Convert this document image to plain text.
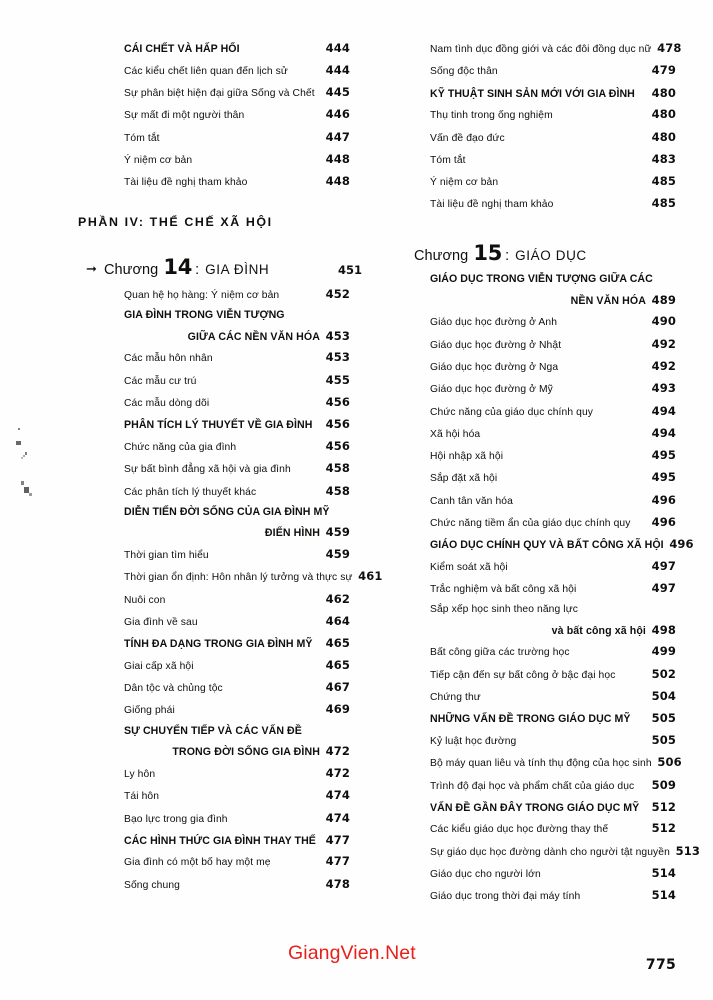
CÁI CHẾT VÀ HẤP HỐI	444
Các kiểu chết liên quan đến lịch sử	444
Sự phân biệt hiện đại giữa Sống và Chết 445
Sự mất đi một người thân	446
Tóm tắt	447
Ý niệm cơ bản	448
Tài liệu đề nghị tham khảo	448
PHẦN IV: THỂ CHẾ XÃ HỘI
➞ Chương 14 : GIA ĐÌNH	451
Quan hệ họ hàng: Ý niệm cơ bản	452
GIA ĐÌNH TRONG VIỄN TƯỢNG
GIỮA CÁC NỀN VĂN HÓA 453
Các mẫu hôn nhân	453
Các mẫu cư trú	455
Các mẫu dòng dõi	456
PHÂN TÍCH LÝ THUYẾT VỀ GIA ĐÌNH	456
Chức năng của gia đình	456
Sự bất bình đẳng xã hội và gia đình	458
Các phân tích lý thuyết khác	458
DIỄN TIẾN ĐỜI SỐNG CỦA GIA ĐÌNH MỸ
ĐIỂN HÌNH 459
Thời gian tìm hiểu	459
Thời gian ổn định: Hôn nhân lý tưởng và thực sự 461
Nuôi con	462
Gia đình về sau	464
TÍNH ĐA DẠNG TRONG GIA ĐÌNH MỸ	465
Giai cấp xã hội	465
Dân tộc và chủng tộc	467
Giống phái	469
SỰ CHUYỂN TIẾP VÀ CÁC VẤN ĐỀ
TRONG ĐỜI SỐNG GIA ĐÌNH 472
Ly hôn	472
Tái hôn	474
Bạo lực trong gia đình	474
CÁC HÌNH THỨC GIA ĐÌNH THAY THẾ 477
Gia đình có một bố hay một mẹ	477
Sống chung	478
Nam tình dục đồng giới và các đôi đồng dục nữ 478
Sống độc thân	479
KỸ THUẬT SINH SẢN MỚI VỚI GIA ĐÌNH	480
Thụ tinh trong ống nghiệm	480
Vấn đề đạo đức	480
Tóm tắt	483
Ý niệm cơ bản	485
Tài liệu đề nghị tham khảo	485
Chương 15 : GIÁO DỤC
GIÁO DỤC TRONG VIỄN TƯỢNG GIỮA CÁC
NỀN VĂN HÓA 489
Giáo dục học đường ở Anh	490
Giáo dục học đường ở Nhật	492
Giáo dục học đường ở Nga	492
Giáo dục học đường ở Mỹ	493
Chức năng của giáo dục chính quy	494
Xã hội hóa	494
Hội nhập xã hội	495
Sắp đặt xã hội	495
Canh tân văn hóa	496
Chức năng tiềm ẩn của giáo dục chính quy	496
GIÁO DỤC CHÍNH QUY VÀ BẤT CÔNG XÃ HỘI 496
Kiểm soát xã hội	497
Trắc nghiệm và bất công xã hội	497
Sắp xếp học sinh theo năng lực
và bất công xã hội 498
Bất công giữa các trường học	499
Tiếp cận đến sự bất công ở bậc đại học	502
Chứng thư	504
NHỮNG VẤN ĐỀ TRONG GIÁO DỤC MỸ	505
Kỷ luật học đường	505
Bộ máy quan liêu và tính thụ động của học sinh 506
Trình độ đại học và phẩm chất của giáo dục	509
VẤN ĐỀ GẦN ĐÂY TRONG GIÁO DỤC MỸ	512
Các kiểu giáo dục học đường thay thế	512
Sự giáo dục học đường dành cho người tật nguyền 513
Giáo dục cho người lớn	514
Giáo dục trong thời đại máy tính	514
GiangVien.Net
775
